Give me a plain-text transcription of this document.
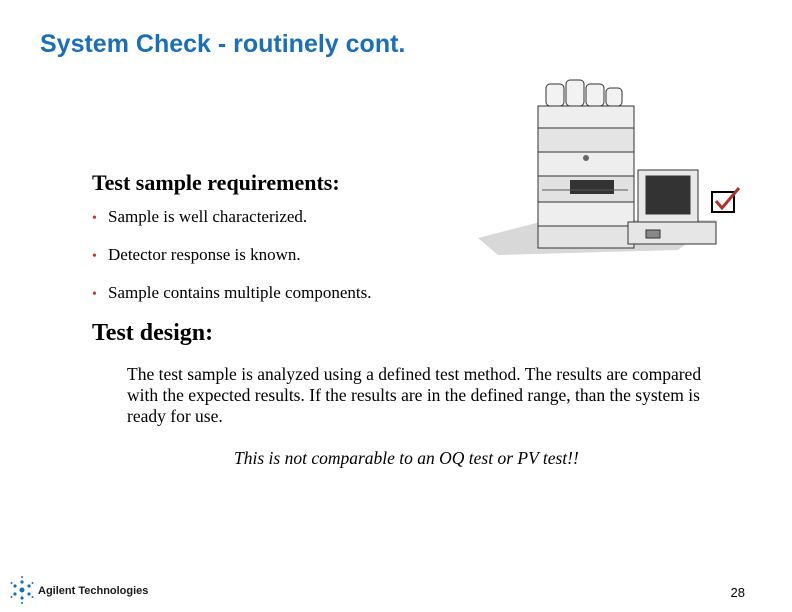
System Check - routinely cont.
Test sample requirements:
• Sample is well characterized.
• Detector response is known.
• Sample contains multiple components.
Test design:
The test sample is analyzed using a defined test method. The results are compared with the expected results. If the results are in the defined range, than the system is ready for use.
This is not comparable to an OQ test or PV test!!
Agilent Technologies	28
